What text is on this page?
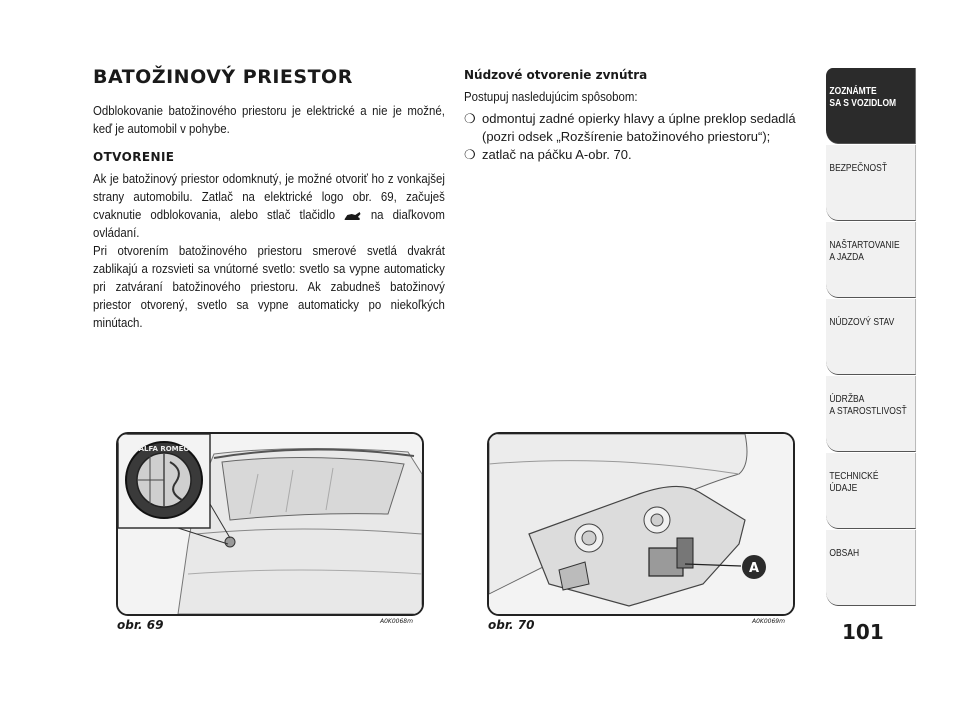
BATOŽINOVÝ PRIESTOR

Odblokovanie batožinového priestoru je elektrické a nie je možné, keď je automobil v pohybe.

OTVORENIE

Ak je batožinový priestor odomknutý, je možné otvoriť ho z vonkajšej strany automobilu. Zatlač na elektrické logo obr. 69, začuješ cvaknutie odblokovania, alebo stlač tlačidlo	na diaľkovom ovládaní.

Pri otvorením batožinového priestoru smerové svetlá dvakrát zablikajú a rozsvieti sa vnútorné svetlo: svetlo sa vypne automaticky pri zatváraní batožinového priestoru. Ak zabudneš batožinový priestor otvorený, svetlo sa vypne automaticky po niekoľkých minútach.

Núdzové otvorenie zvnútra

Postupuj nasledujúcim spôsobom:

❍ odmontuj zadné opierky hlavy a úplne preklop sedadlá (pozri odsek „Rozšírenie batožinového priestoru“);
❍ zatlač na páčku A-obr. 70.
ALFA ROMEO
obr. 69	A0K0068m
A
obr. 70	A0K0069m
ZOZNÁMTE
SA S VOZIDLOM
BEZPEČNOSŤ
NAŠTARTOVANIE
A JAZDA
NÚDZOVÝ STAV
ÚDRŽBA
A STAROSTLIVOSŤ
TECHNICKÉ
ÚDAJE
OBSAH
101
